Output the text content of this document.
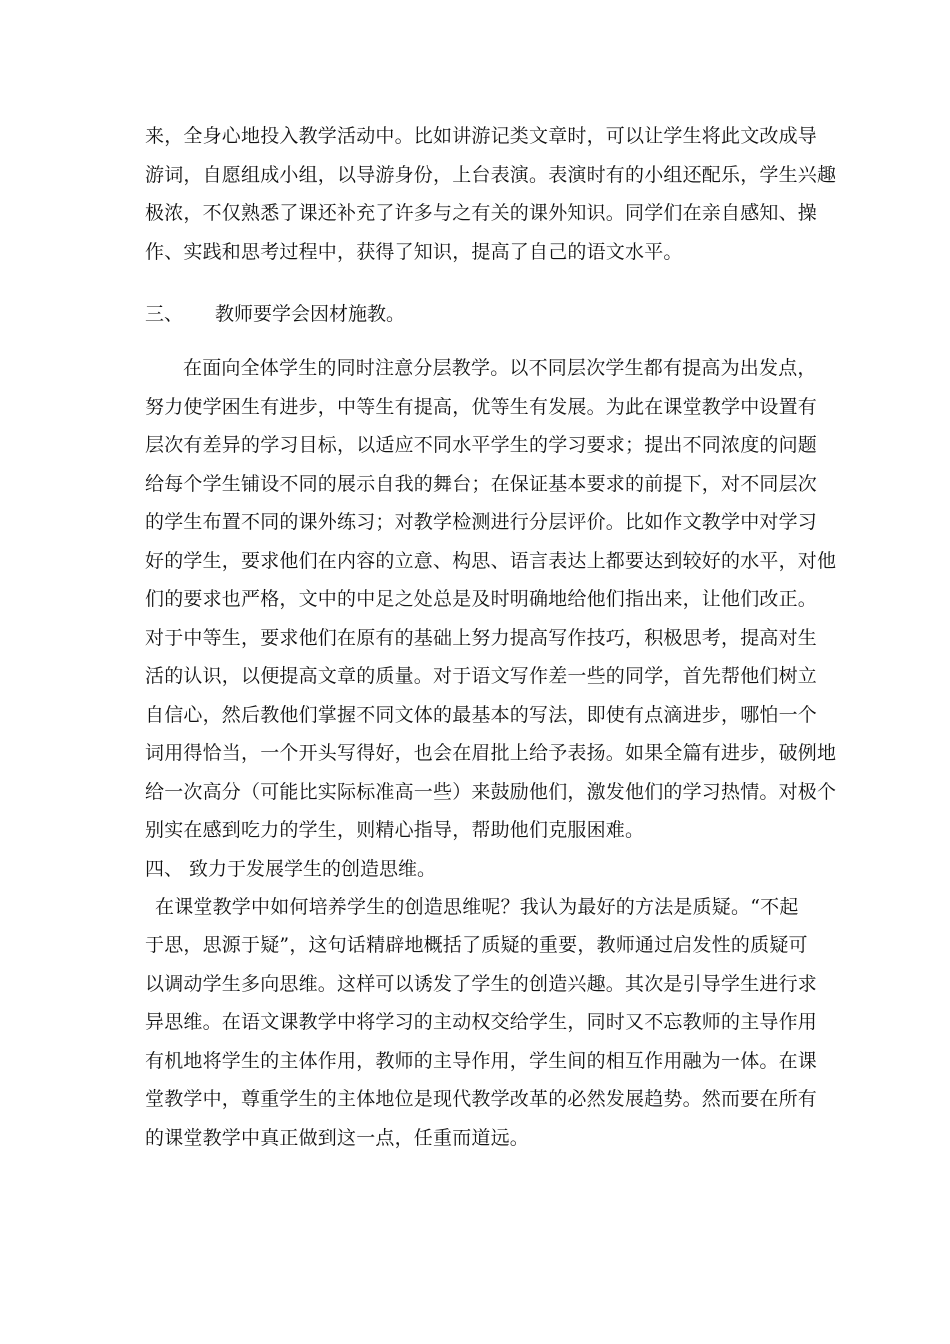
来，全身心地投入教学活动中。比如讲游记类文章时，可以让学生将此文改成导
游词，自愿组成小组，以导游身份，上台表演。表演时有的小组还配乐，学生兴趣
极浓，不仅熟悉了课还补充了许多与之有关的课外知识。同学们在亲自感知、操
作、实践和思考过程中，获得了知识，提高了自己的语文水平。
三、 教师要学会因材施教。
在面向全体学生的同时注意分层教学。以不同层次学生都有提高为出发点，
努力使学困生有进步，中等生有提高，优等生有发展。为此在课堂教学中设置有
层次有差异的学习目标，以适应不同水平学生的学习要求；提出不同浓度的问题
给每个学生铺设不同的展示自我的舞台；在保证基本要求的前提下，对不同层次
的学生布置不同的课外练习；对教学检测进行分层评价。比如作文教学中对学习
好的学生，要求他们在内容的立意、构思、语言表达上都要达到较好的水平，对他
们的要求也严格，文中的中足之处总是及时明确地给他们指出来，让他们改正。
对于中等生，要求他们在原有的基础上努力提高写作技巧，积极思考，提高对生
活的认识，以便提高文章的质量。对于语文写作差一些的同学，首先帮他们树立
自信心，然后教他们掌握不同文体的最基本的写法，即使有点滴进步，哪怕一个
词用得恰当，一个开头写得好，也会在眉批上给予表扬。如果全篇有进步，破例地
给一次高分（可能比实际标准高一些）来鼓励他们，激发他们的学习热情。对极个
别实在感到吃力的学生，则精心指导，帮助他们克服困难。
四、 致力于发展学生的创造思维。
在课堂教学中如何培养学生的创造思维呢？我认为最好的方法是质疑。“不起
于思，思源于疑”，这句话精辟地概括了质疑的重要，教师通过启发性的质疑可
以调动学生多向思维。这样可以诱发了学生的创造兴趣。其次是引导学生进行求
异思维。在语文课教学中将学习的主动权交给学生，同时又不忘教师的主导作用
有机地将学生的主体作用，教师的主导作用，学生间的相互作用融为一体。在课
堂教学中，尊重学生的主体地位是现代教学改革的必然发展趋势。然而要在所有
的课堂教学中真正做到这一点，任重而道远。
